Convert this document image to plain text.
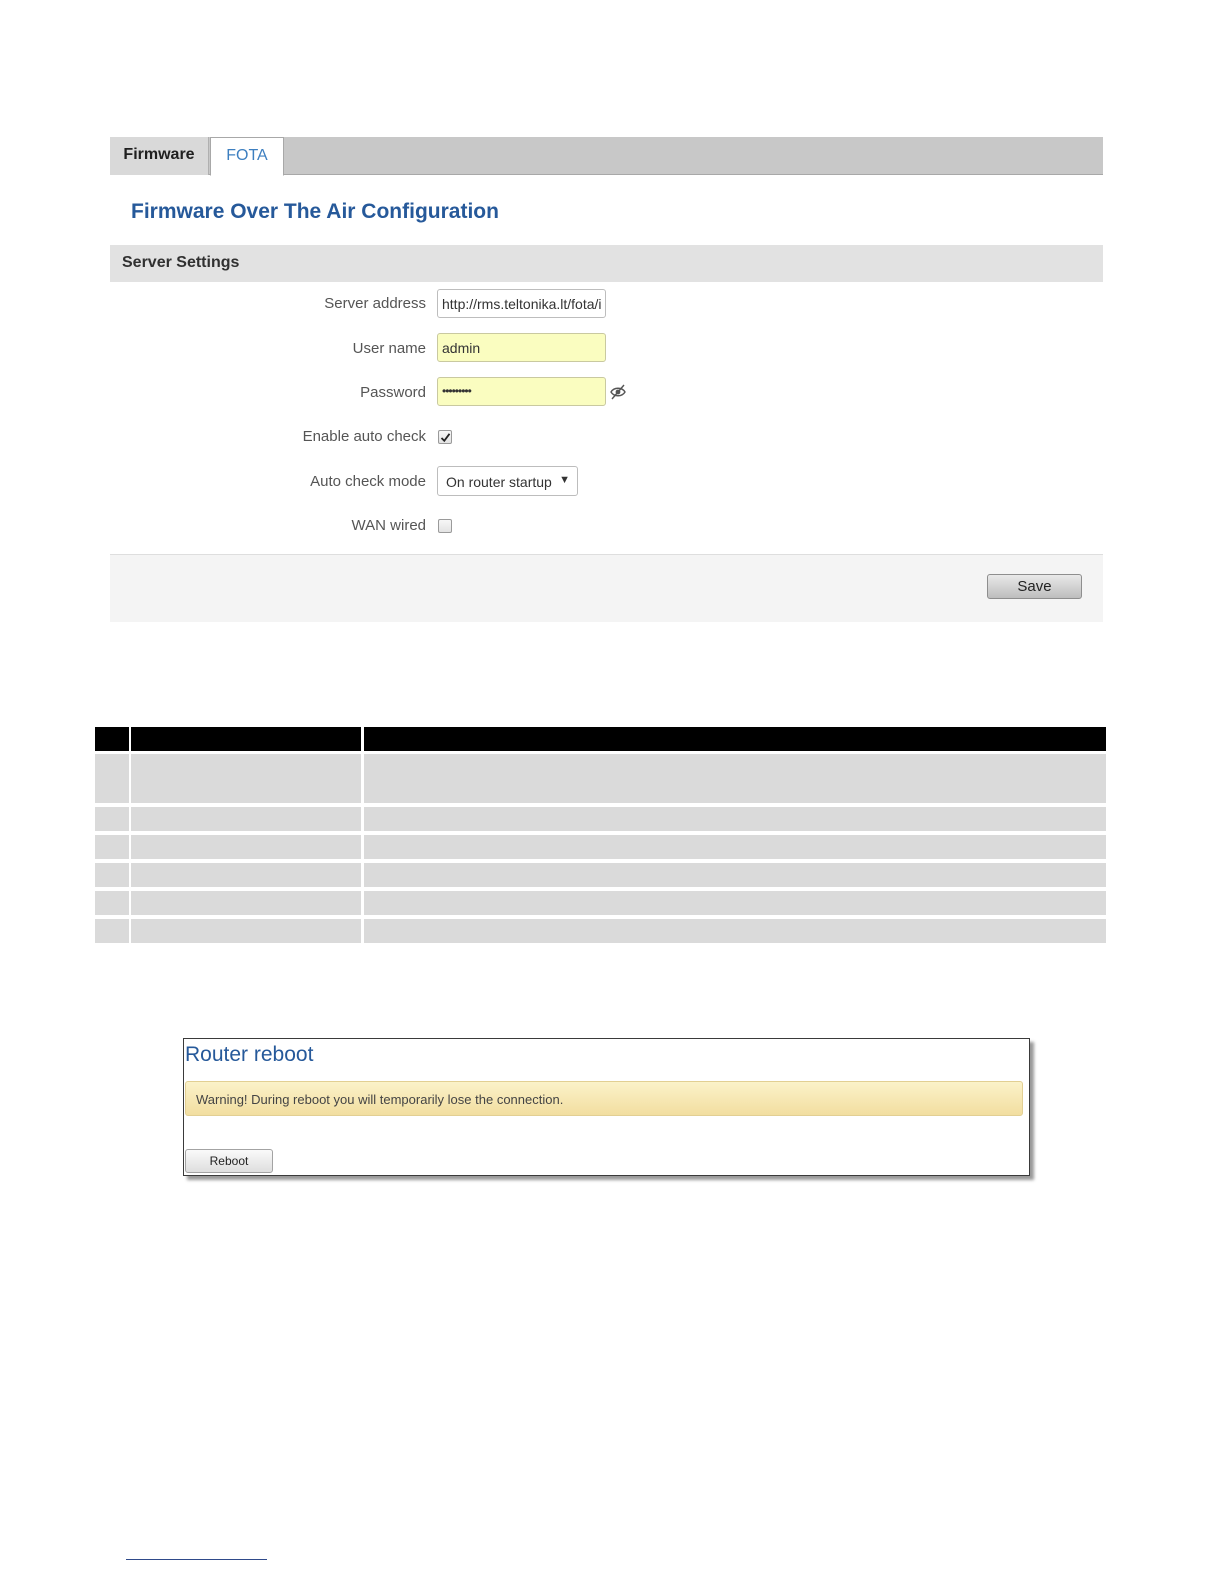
Firmware	FOTA
Firmware Over The Air Configuration
Server Settings
Server address	http://rms.teltonika.lt/fota/i
User name	admin
Password	•••••••••
Enable auto check
Auto check mode	On router startup ▼
WAN wired
Save
Router reboot
Warning! During reboot you will temporarily lose the connection.
Reboot
